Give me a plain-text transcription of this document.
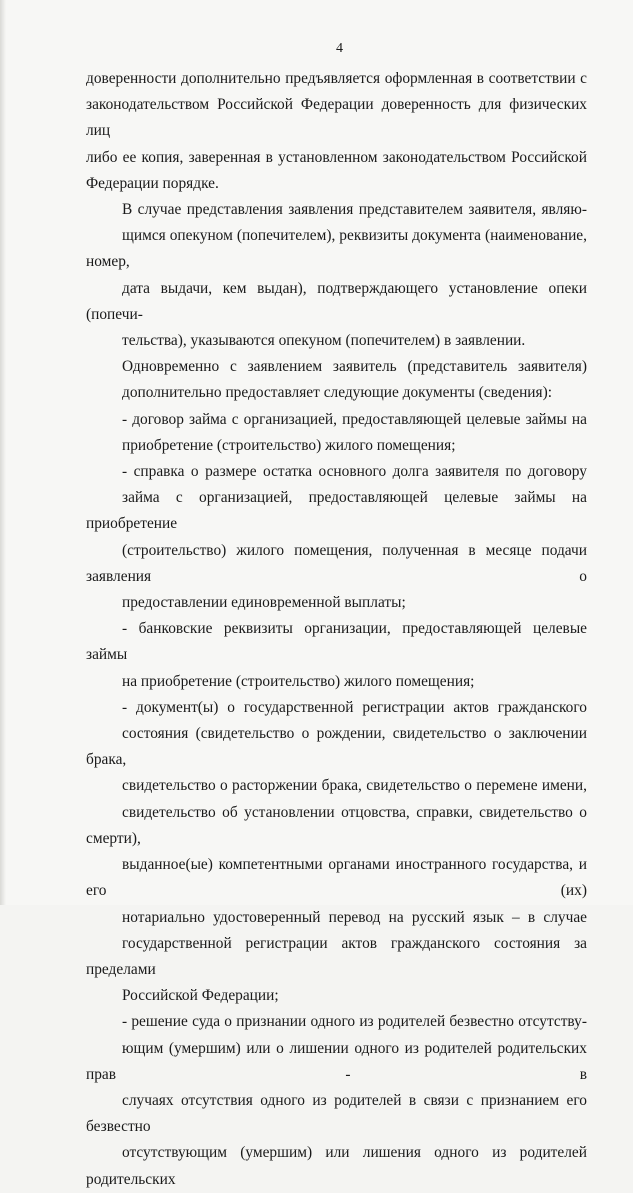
4
доверенности дополнительно предъявляется оформленная в соответствии с
законодательством Российской Федерации доверенность для физических лиц
либо ее копия, заверенная в установленном законодательством Российской
Федерации порядке.
В случае представления заявления представителем заявителя, являю-
щимся опекуном (попечителем), реквизиты документа (наименование, номер,
дата выдачи, кем выдан), подтверждающего установление опеки (попечи-
тельства), указываются опекуном (попечителем) в заявлении.
Одновременно с заявлением заявитель (представитель заявителя)
дополнительно предоставляет следующие документы (сведения):
- договор займа с организацией, предоставляющей целевые займы на
приобретение (строительство) жилого помещения;
- справка о размере остатка основного долга заявителя по договору
займа с организацией, предоставляющей целевые займы на приобретение
(строительство) жилого помещения, полученная в месяце подачи заявления о
предоставлении единовременной выплаты;
- банковские реквизиты организации, предоставляющей целевые займы
на приобретение (строительство) жилого помещения;
- документ(ы) о государственной регистрации актов гражданского
состояния (свидетельство о рождении, свидетельство о заключении брака,
свидетельство о расторжении брака, свидетельство о перемене имени,
свидетельство об установлении отцовства, справки, свидетельство о смерти),
выданное(ые) компетентными органами иностранного государства, и его (их)
нотариально удостоверенный перевод на русский язык – в случае
государственной регистрации актов гражданского состояния за пределами
Российской Федерации;
- решение суда о признании одного из родителей безвестно отсутству-
ющим (умершим) или о лишении одного из родителей родительских прав - в
случаях отсутствия одного из родителей в связи с признанием его безвестно
отсутствующим (умершим) или лишения одного из родителей родительских
